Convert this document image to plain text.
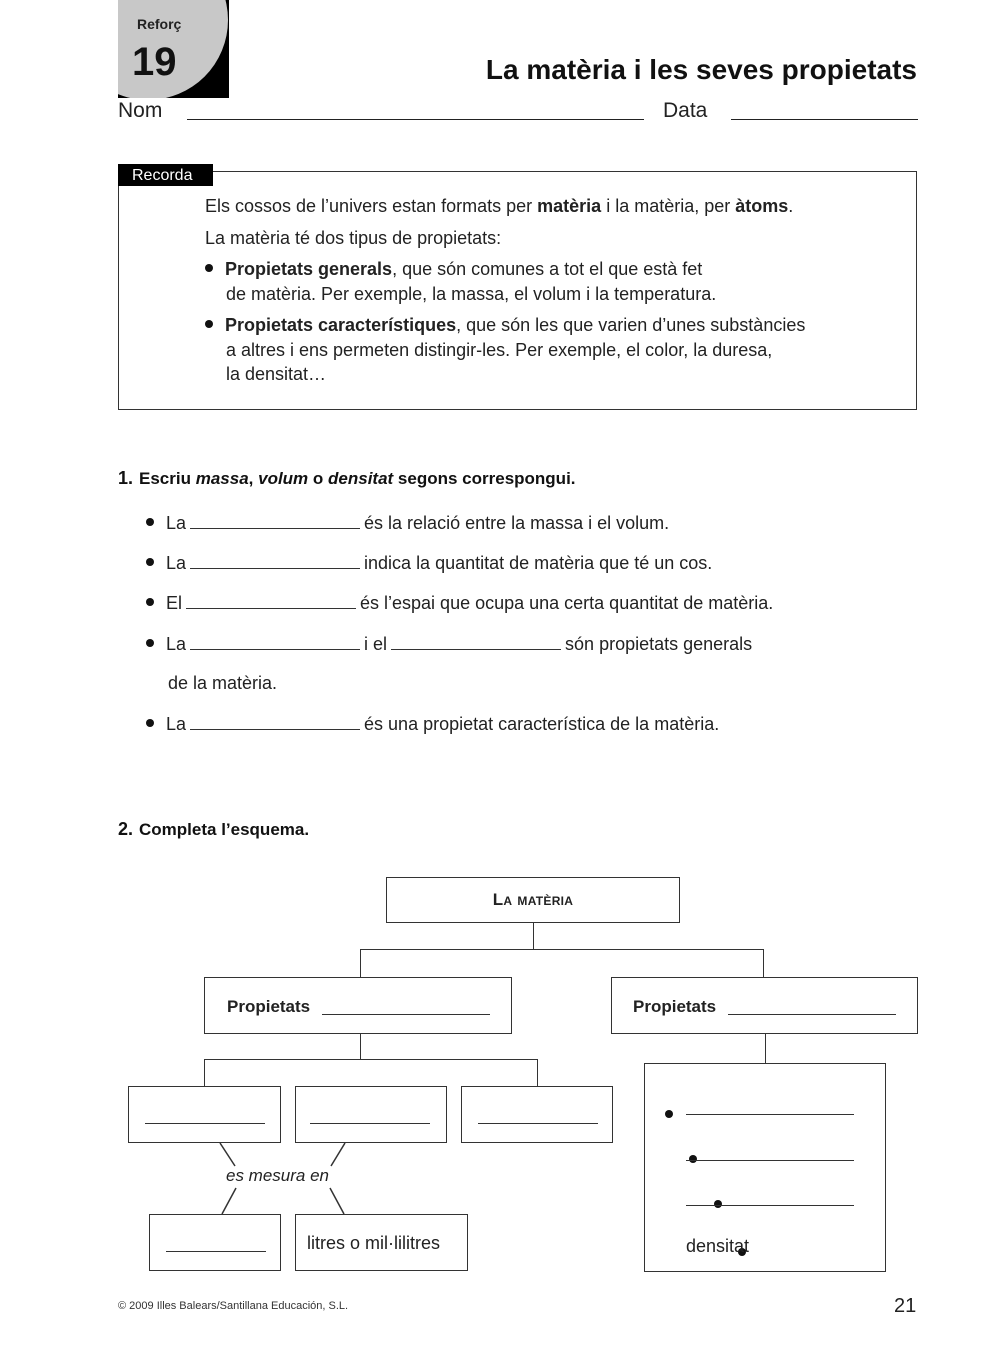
Reforç
19	La matèria i les seves propietats
Nom	Data
Recorda
Els cossos de l’univers estan formats per matèria i la matèria, per àtoms.
La matèria té dos tipus de propietats:
Propietats generals, que són comunes a tot el que està fet
de matèria. Per exemple, la massa, el volum i la temperatura.
Propietats característiques, que són les que varien d’unes substàncies
a altres i ens permeten distingir-les. Per exemple, el color, la duresa,
la densitat…
1. Escriu massa, volum o densitat segons correspongui.
La	és la relació entre la massa i el volum.
La	indica la quantitat de matèria que té un cos.
El	és l’espai que ocupa una certa quantitat de matèria.
La	i el	són propietats generals
de la matèria.
La	és una propietat característica de la matèria.
2. Completa l’esquema.
La matèria
Propietats	Propietats
es mesura en
litres o mil·lilitres

	densitat
© 2009 Illes Balears/Santillana Educación, S.L.	21
